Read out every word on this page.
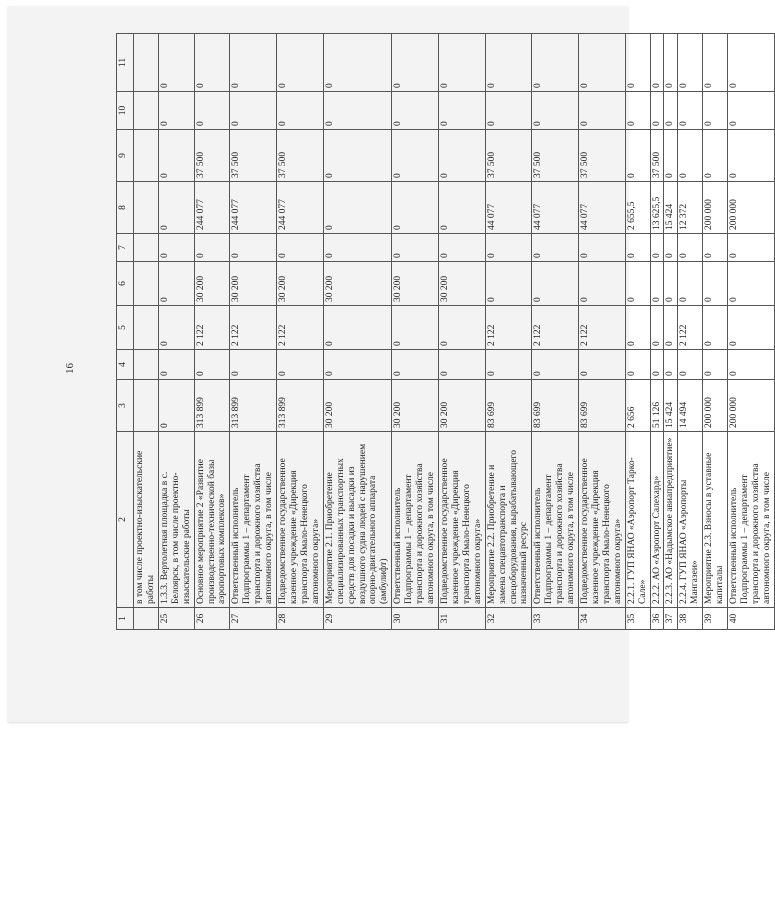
16
1	2	3	4	5	6	7	8	9	10	11
	в том числе проектно-изыскательские работы									
25	1.3.3. Вертолетная площадка в с. Белоярск, в том числе проектно-изыскательские работы	0	0	0	0	0	0	0	0	0
26	Основное мероприятие 2 «Развитие производственно-технической базы аэропортовых комплексов»	313 899	0	2 122	30 200	0	244 077	37 500	0	0
27	Ответственный исполнитель Подпрограммы 1 – департамент транспорта и дорожного хозяйства автономного округа, в том числе	313 899	0	2 122	30 200	0	244 077	37 500	0	0
28	Подведомственное государственное казенное учреждение «Дирекция транспорта Ямало-Ненецкого автономного округа»	313 899	0	2 122	30 200	0	244 077	37 500	0	0
29	Мероприятие 2.1. Приобретение специализированных транспортных средств для посадки и высадки из воздушного судна людей с нарушением опорно-двигательного аппарата (амбулифт)	30 200	0	0	30 200	0	0	0	0	0
30	Ответственный исполнитель Подпрограммы 1 – департамент транспорта и дорожного хозяйства автономного округа, в том числе	30 200	0	0	30 200	0	0	0	0	0
31	Подведомственное государственное казенное учреждение «Дирекция транспорта Ямало-Ненецкого автономного округа»	30 200	0	0	30 200	0	0	0	0	0
32	Мероприятие 2.2. Приобретение и замена спецавтотранспорта и спецоборудования, вырабатывающего назначенный ресурс	83 699	0	2 122	0	0	44 077	37 500	0	0
33	Ответственный исполнитель Подпрограммы 1 – департамент транспорта и дорожного хозяйства автономного округа, в том числе	83 699	0	2 122	0	0	44 077	37 500	0	0
34	Подведомственное государственное казенное учреждение «Дирекция транспорта Ямало-Ненецкого автономного округа»	83 699	0	2 122	0	0	44 077	37 500	0	0
35	2.2.1. ГУП ЯНАО «Аэропорт Тарко-Сале»	2 656	0	0	0	0	2 655,5	0	0	0
36	2.2.2. АО «Аэропорт Салехард»	51 126	0	0	0	0	13 625,5	37 500	0	0
37	2.2.3. АО «Надымское авиапредприятие»	15 424	0	0	0	0	15 424	0	0	0
38	2.2.4. ГУП ЯНАО «Аэропорты Мангазеи»	14 494	0	2 122	0	0	12 372	0	0	0
39	Мероприятие 2.3. Взносы в уставные капиталы	200 000	0	0	0	0	200 000	0	0	0
40	Ответственный исполнитель Подпрограммы 1 – департамент транспорта и дорожного хозяйства автономного округа, в том числе	200 000	0	0	0	0	200 000	0	0	0
